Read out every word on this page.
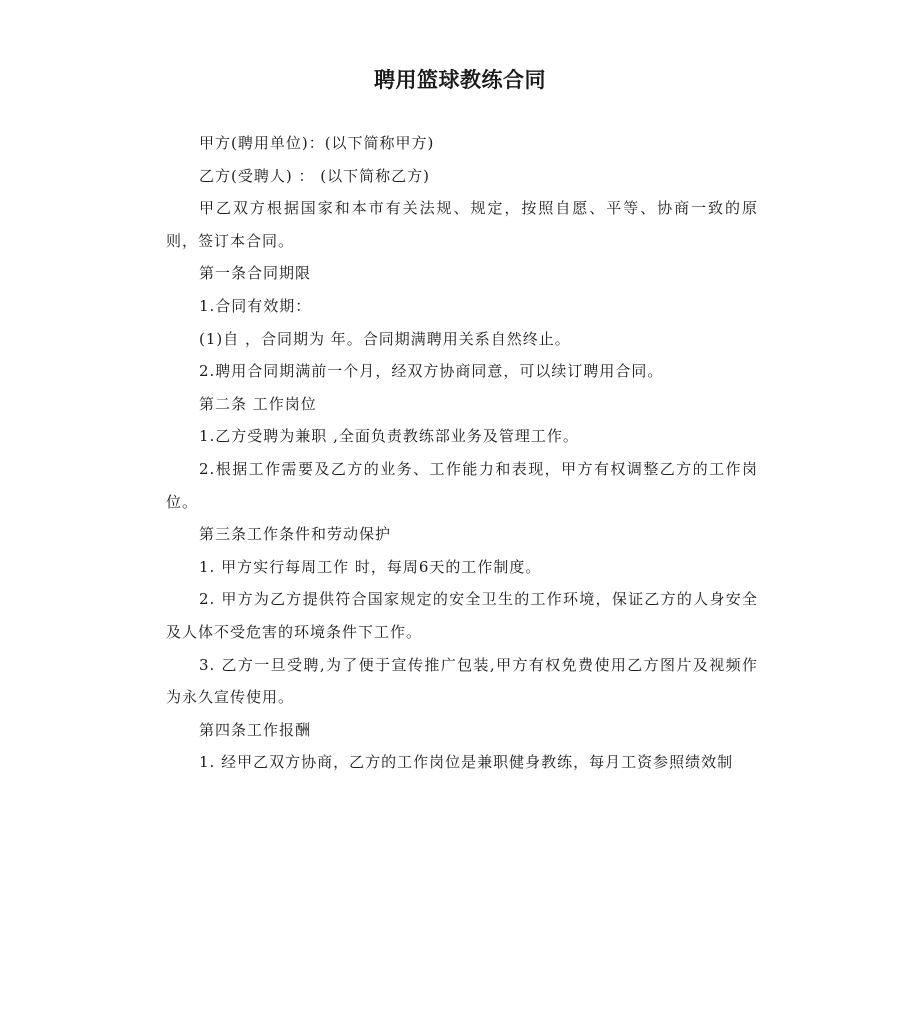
聘用篮球教练合同

甲方(聘用单位)：(以下简称甲方)

乙方(受聘人) ： (以下简称乙方)

甲乙双方根据国家和本市有关法规、规定，按照自愿、平等、协商一致的原则，签订本合同。

第一条合同期限

1.合同有效期：

(1)自 ，合同期为 年。合同期满聘用关系自然终止。

2.聘用合同期满前一个月，经双方协商同意，可以续订聘用合同。

第二条 工作岗位

1.乙方受聘为兼职 ,全面负责教练部业务及管理工作。

2.根据工作需要及乙方的业务、工作能力和表现，甲方有权调整乙方的工作岗位。

第三条工作条件和劳动保护

1. 甲方实行每周工作 时，每周6天的工作制度。

2. 甲方为乙方提供符合国家规定的安全卫生的工作环境，保证乙方的人身安全及人体不受危害的环境条件下工作。

3. 乙方一旦受聘,为了便于宣传推广包装,甲方有权免费使用乙方图片及视频作为永久宣传使用。

第四条工作报酬

1. 经甲乙双方协商，乙方的工作岗位是兼职健身教练，每月工资参照绩效制
